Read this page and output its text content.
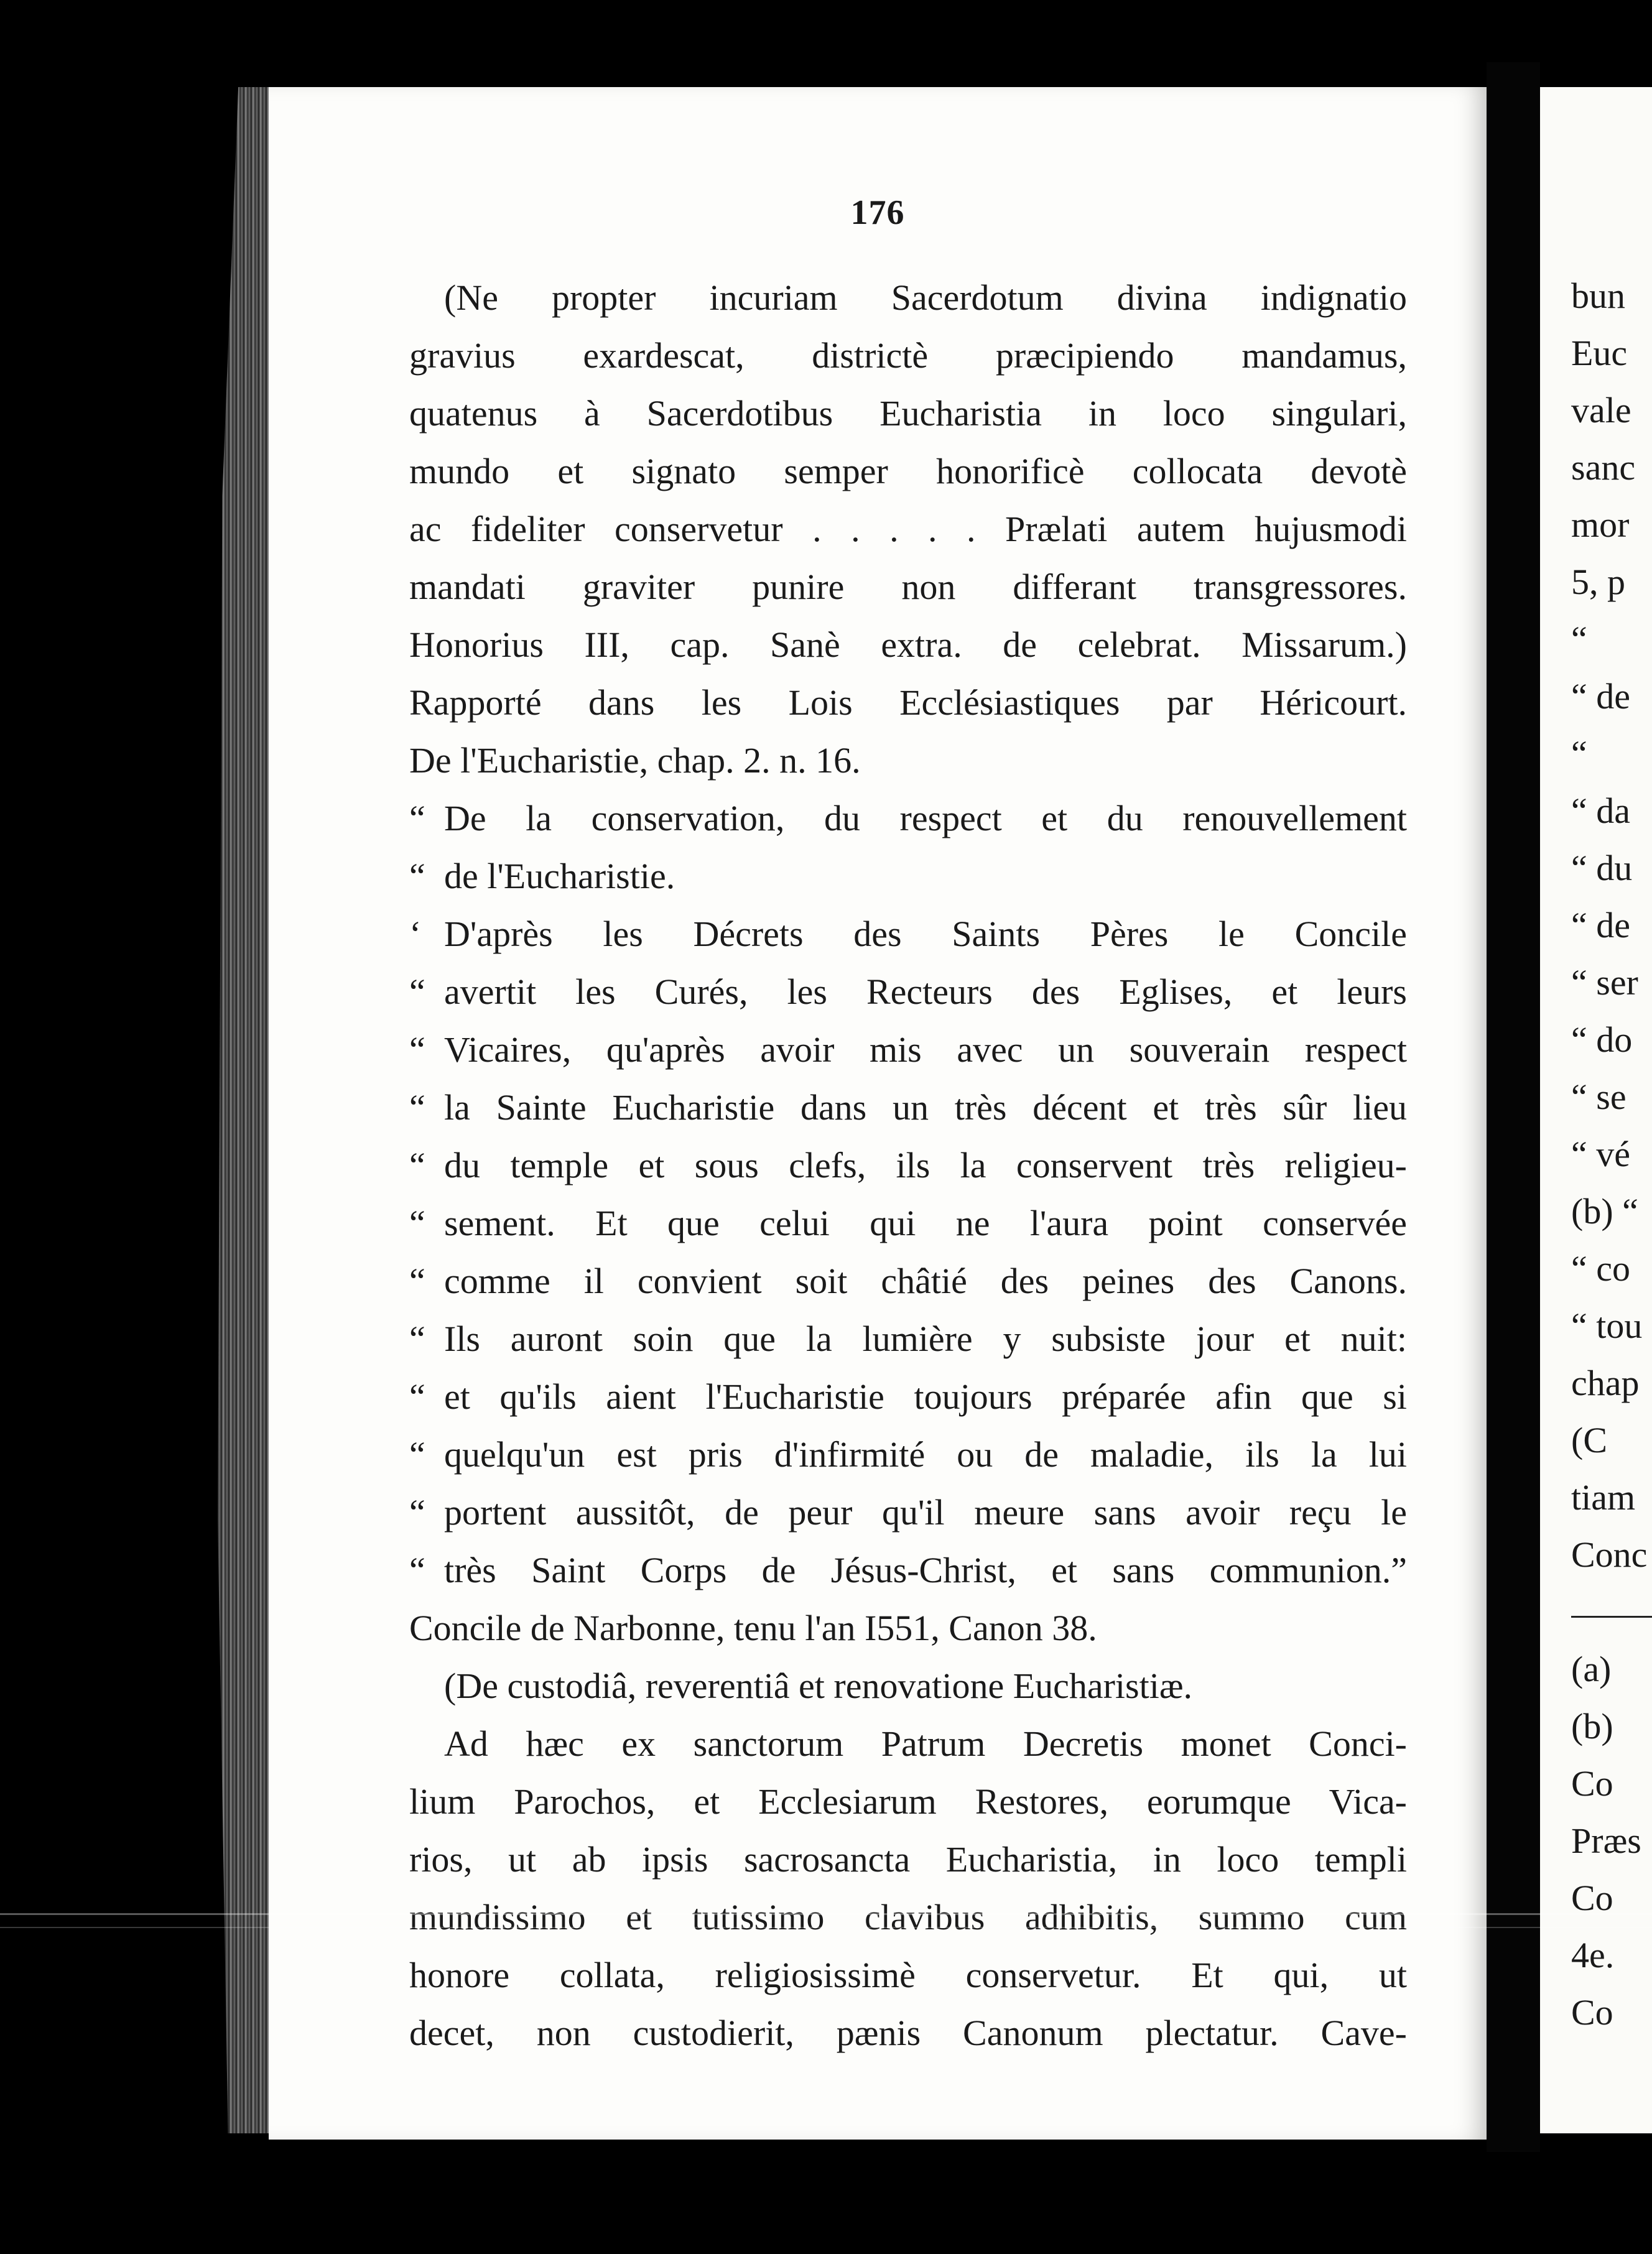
176
(Ne propter incuriam Sacerdotum divina indignatio
gravius exardescat, districtè præcipiendo mandamus,
quatenus à Sacerdotibus Eucharistia in loco singulari,
mundo et signato semper honorificè collocata devotè
ac fideliter conservetur . . . . . Prælati autem hujusmodi
mandati graviter punire non differant transgressores.
Honorius III, cap. Sanè extra. de celebrat. Missarum.)
Rapporté dans les Lois Ecclésiastiques par Héricourt.
De l'Eucharistie, chap. 2. n. 16.
“ De la conservation, du respect et du renouvellement
“ de l'Eucharistie.
‘ D'après les Décrets des Saints Pères le Concile
“ avertit les Curés, les Recteurs des Eglises, et leurs
“ Vicaires, qu'après avoir mis avec un souverain respect
“ la Sainte Eucharistie dans un très décent et très sûr lieu
“ du temple et sous clefs, ils la conservent très religieu-
“ sement. Et que celui qui ne l'aura point conservée
“ comme il convient soit châtié des peines des Canons.
“ Ils auront soin que la lumière y subsiste jour et nuit:
“ et qu'ils aient l'Eucharistie toujours préparée afin que si
“ quelqu'un est pris d'infirmité ou de maladie, ils la lui
“ portent aussitôt, de peur qu'il meure sans avoir reçu le
“ très Saint Corps de Jésus-Christ, et sans communion.”
Concile de Narbonne, tenu l'an I551, Canon 38.
(De custodiâ, reverentiâ et renovatione Eucharistiæ.
Ad hæc ex sanctorum Patrum Decretis monet Conci-
lium Parochos, et Ecclesiarum Restores, eorumque Vica-
rios, ut ab ipsis sacrosancta Eucharistia, in loco templi
mundissimo et tutissimo clavibus adhibitis, summo cum
honore collata, religiosissimè conservetur. Et qui, ut
decet, non custodierit, pænis Canonum plectatur. Cave-
bun
Euc
vale
sanc
mor
5, p
“
“ de
“
“ da
“ du
“ de
“ ser
“ do
“ se
“ vé
(b) “
“ co
“ tou
chap
(C
tiam
Conc
(a)
(b)
Co
Præs
Co
4e.
Co
